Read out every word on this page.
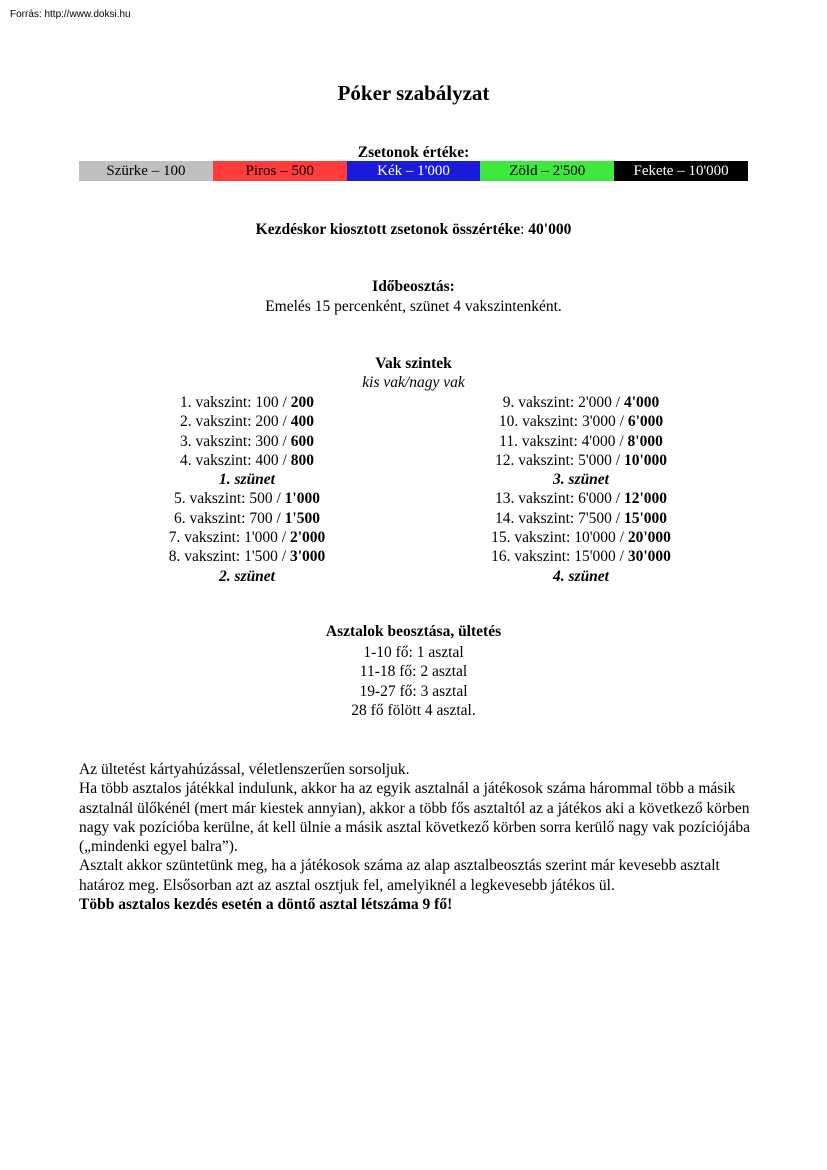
Forrás: http://www.doksi.hu
Póker szabályzat
Zsetonok értéke:
Szürke – 100	Piros – 500	Kék – 1'000	Zöld – 2'500	Fekete – 10'000
Kezdéskor kiosztott zsetonok összértéke: 40'000
Időbeosztás:
Emelés 15 percenként, szünet 4 vakszintenként.
Vak szintek
kis vak/nagy vak
1. vakszint: 100 / 200
2. vakszint: 200 / 400
3. vakszint: 300 / 600
4. vakszint: 400 / 800
1. szünet
5. vakszint: 500 / 1'000
6. vakszint: 700 / 1'500
7. vakszint: 1'000 / 2'000
8. vakszint: 1'500 / 3'000
2. szünet
9. vakszint: 2'000 / 4'000
10. vakszint: 3'000 / 6'000
11. vakszint: 4'000 / 8'000
12. vakszint: 5'000 / 10'000
3. szünet
13. vakszint: 6'000 / 12'000
14. vakszint: 7'500 / 15'000
15. vakszint: 10'000 / 20'000
16. vakszint: 15'000 / 30'000
4. szünet
Asztalok beosztása, ültetés
1-10 fő: 1 asztal
11-18 fő: 2 asztal
19-27 fő: 3 asztal
28 fő fölött 4 asztal.

Az ültetést kártyahúzással, véletlenszerűen sorsoljuk.

Ha több asztalos játékkal indulunk, akkor ha az egyik asztalnál a játékosok száma hárommal több a másik asztalnál ülőkénél (mert már kiestek annyian), akkor a több fős asztaltól az a játékos aki a következő körben nagy vak pozícióba kerülne, át kell ülnie a másik asztal következő körben sorra kerülő nagy vak pozíciójába („mindenki egyel balra”).

Asztalt akkor szüntetünk meg, ha a játékosok száma az alap asztalbeosztás szerint már kevesebb asztalt határoz meg. Elsősorban azt az asztal osztjuk fel, amelyiknél a legkevesebb játékos ül.

Több asztalos kezdés esetén a döntő asztal létszáma 9 fő!
